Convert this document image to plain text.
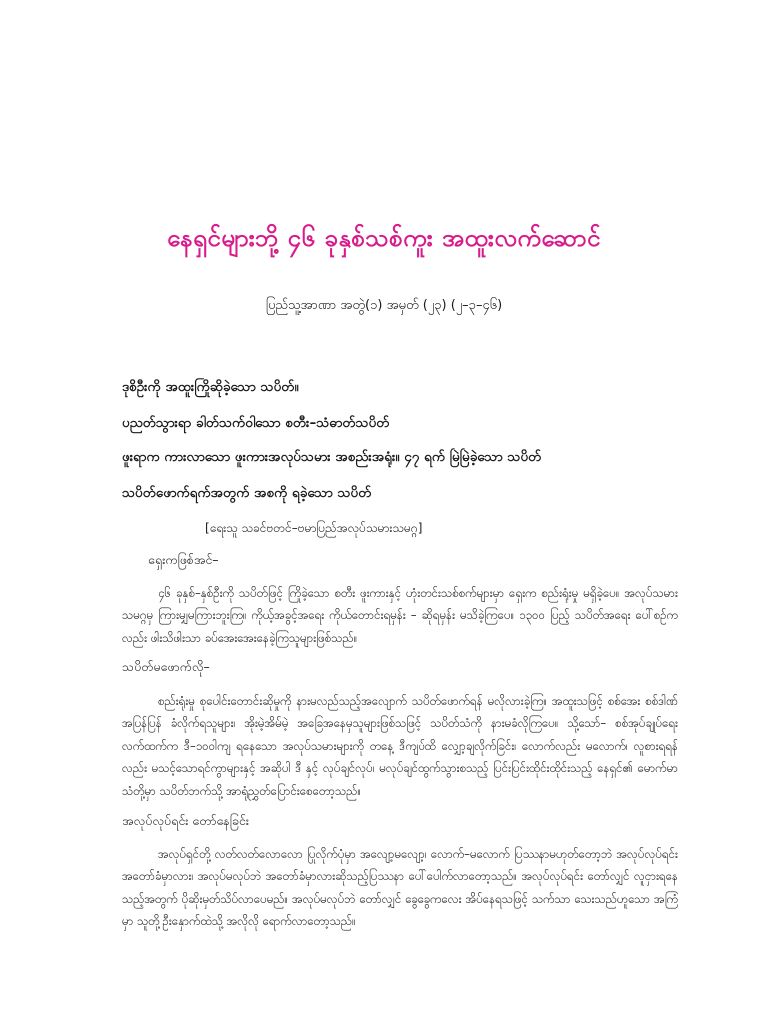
နေရှင်များဘို့ ၄၆ ခုနှစ်သစ်ကူး အထူးလက်ဆောင်
ပြည်သူ့အာဏာ အတွဲ(၁) အမှတ် (၂၃) (၂–၃–၄၆)
ဒုစိဦးကို အထူးကြိုဆိုခဲ့သော သပိတ်။
ပညတ်သွားရာ ခါတ်သက်ဝါသော စတီး–သံဓာတ်သပိတ်
ဖူးရာက ကားလာသော ဖူးကားအလုပ်သမား အစည်းအရုံး။ ၄၇ ရက် မြဲမြဲခဲ့သော သပိတ်
သပိတ်ဖောက်ရက်အတွက် အစကို ရခဲ့သော သပိတ်
[ရေးသူ သခင်ဗတင်–ဗမာပြည်အလုပ်သမားသမဂ္ဂ]
ရှေးကဖြစ်အင်–
၄၆ ခုနှစ်–နှစ်ဦးကို သပိတ်ဖြင့် ကြိုခဲ့သော စတီး ဖူးကားနှင့် ဟုံးတင်းသစ်စက်များမှာ ရှေးက စည်းရုံးမှု မရှိခဲ့ပေ။ အလုပ်သမားသမဂ္ဂမှ ကြားမျှမကြားဘူးကြ။ ကိုယ့်အခွင့်အရေး ကိုယ်တောင်းရမှန်း – ဆိုရမှန်း မသိခဲ့ကြပေ။ ၁၃၀၀ ပြည့် သပိတ်အရေး ပေါ်စဉ်ကလည်း ဖါးသိဖါးသာ ခပ်အေးအေးနေခဲ့ကြသူများဖြစ်သည်။
သပိတ်မဖောက်လို–
စည်းရုံးမှု စုပေါင်းတောင်းဆိုမှုကို နားမလည်သည့်အလျောက် သပိတ်ဖောက်ရန် မလိုလားခဲ့ကြ။ အထူးသဖြင့် စစ်အေး စစ်ဒါဏ် အပြန်ပြန် ခံလိုက်ရသူများ၊ အိုးမဲ့အိမ်မဲ့ အခြေအနေမှသူများဖြစ်သဖြင့် သပိတ်သံကို နားမခံလိုကြပေ။ သို့သော်– စစ်အုပ်ချုပ်ရေးလက်ထက်က ဒီ–၁၀ဝါကျ ရနေသော အလုပ်သမားများကို တနေ့ ဒီကျပ်ထိ လျှော့ချလိုက်ခြင်း၊ လောက်လည်း မလောက်၊ လူစားရရန်လည်း မသင့်သောရင်ကွာများနှင့် အဆိုပါ ဒီ နှင့် လုပ်ချင်လုပ်၊ မလုပ်ချင်ထွက်သွားစသည့် ပြင်းပြင်းထိုင်းထိုင်းသည့် နေရှင်၏ မောက်မာသံတို့မှာ သပိတ်ဘက်သို့ အာရုံညွှတ်ပြောင်းစေတော့သည်။
အလုပ်လုပ်ရင်း တော်နေခြင်း
အလုပ်ရှင်တို့ လတ်လတ်လောလော ပြုလိုက်ပုံမှာ အလျော့မလျော့၊ လောက်–မလောက် ပြဿနာမဟုတ်တော့ဘဲ အလုပ်လုပ်ရင်း အတော်ခံမှာလား၊ အလုပ်မလုပ်ဘဲ အတော်ခံမှာလားဆိုသည့်ပြဿနာ ပေါ်ပေါက်လာတော့သည်။ အလုပ်လုပ်ရင်း တော်လျှင် လူငှားရနေသည့်အတွက် ပိုဆိုးမှတ်သိပ်လာပေမည်။ အလုပ်မလုပ်ဘဲ တော်လျှင် ခွေခွေကလေး အိပ်နေရသဖြင့် သက်သာ သေးသည်ဟူသော အကြံမှာ သူတို့ဦးနှောက်ထဲသို့ အလိုလို ရောက်လာတော့သည်။
